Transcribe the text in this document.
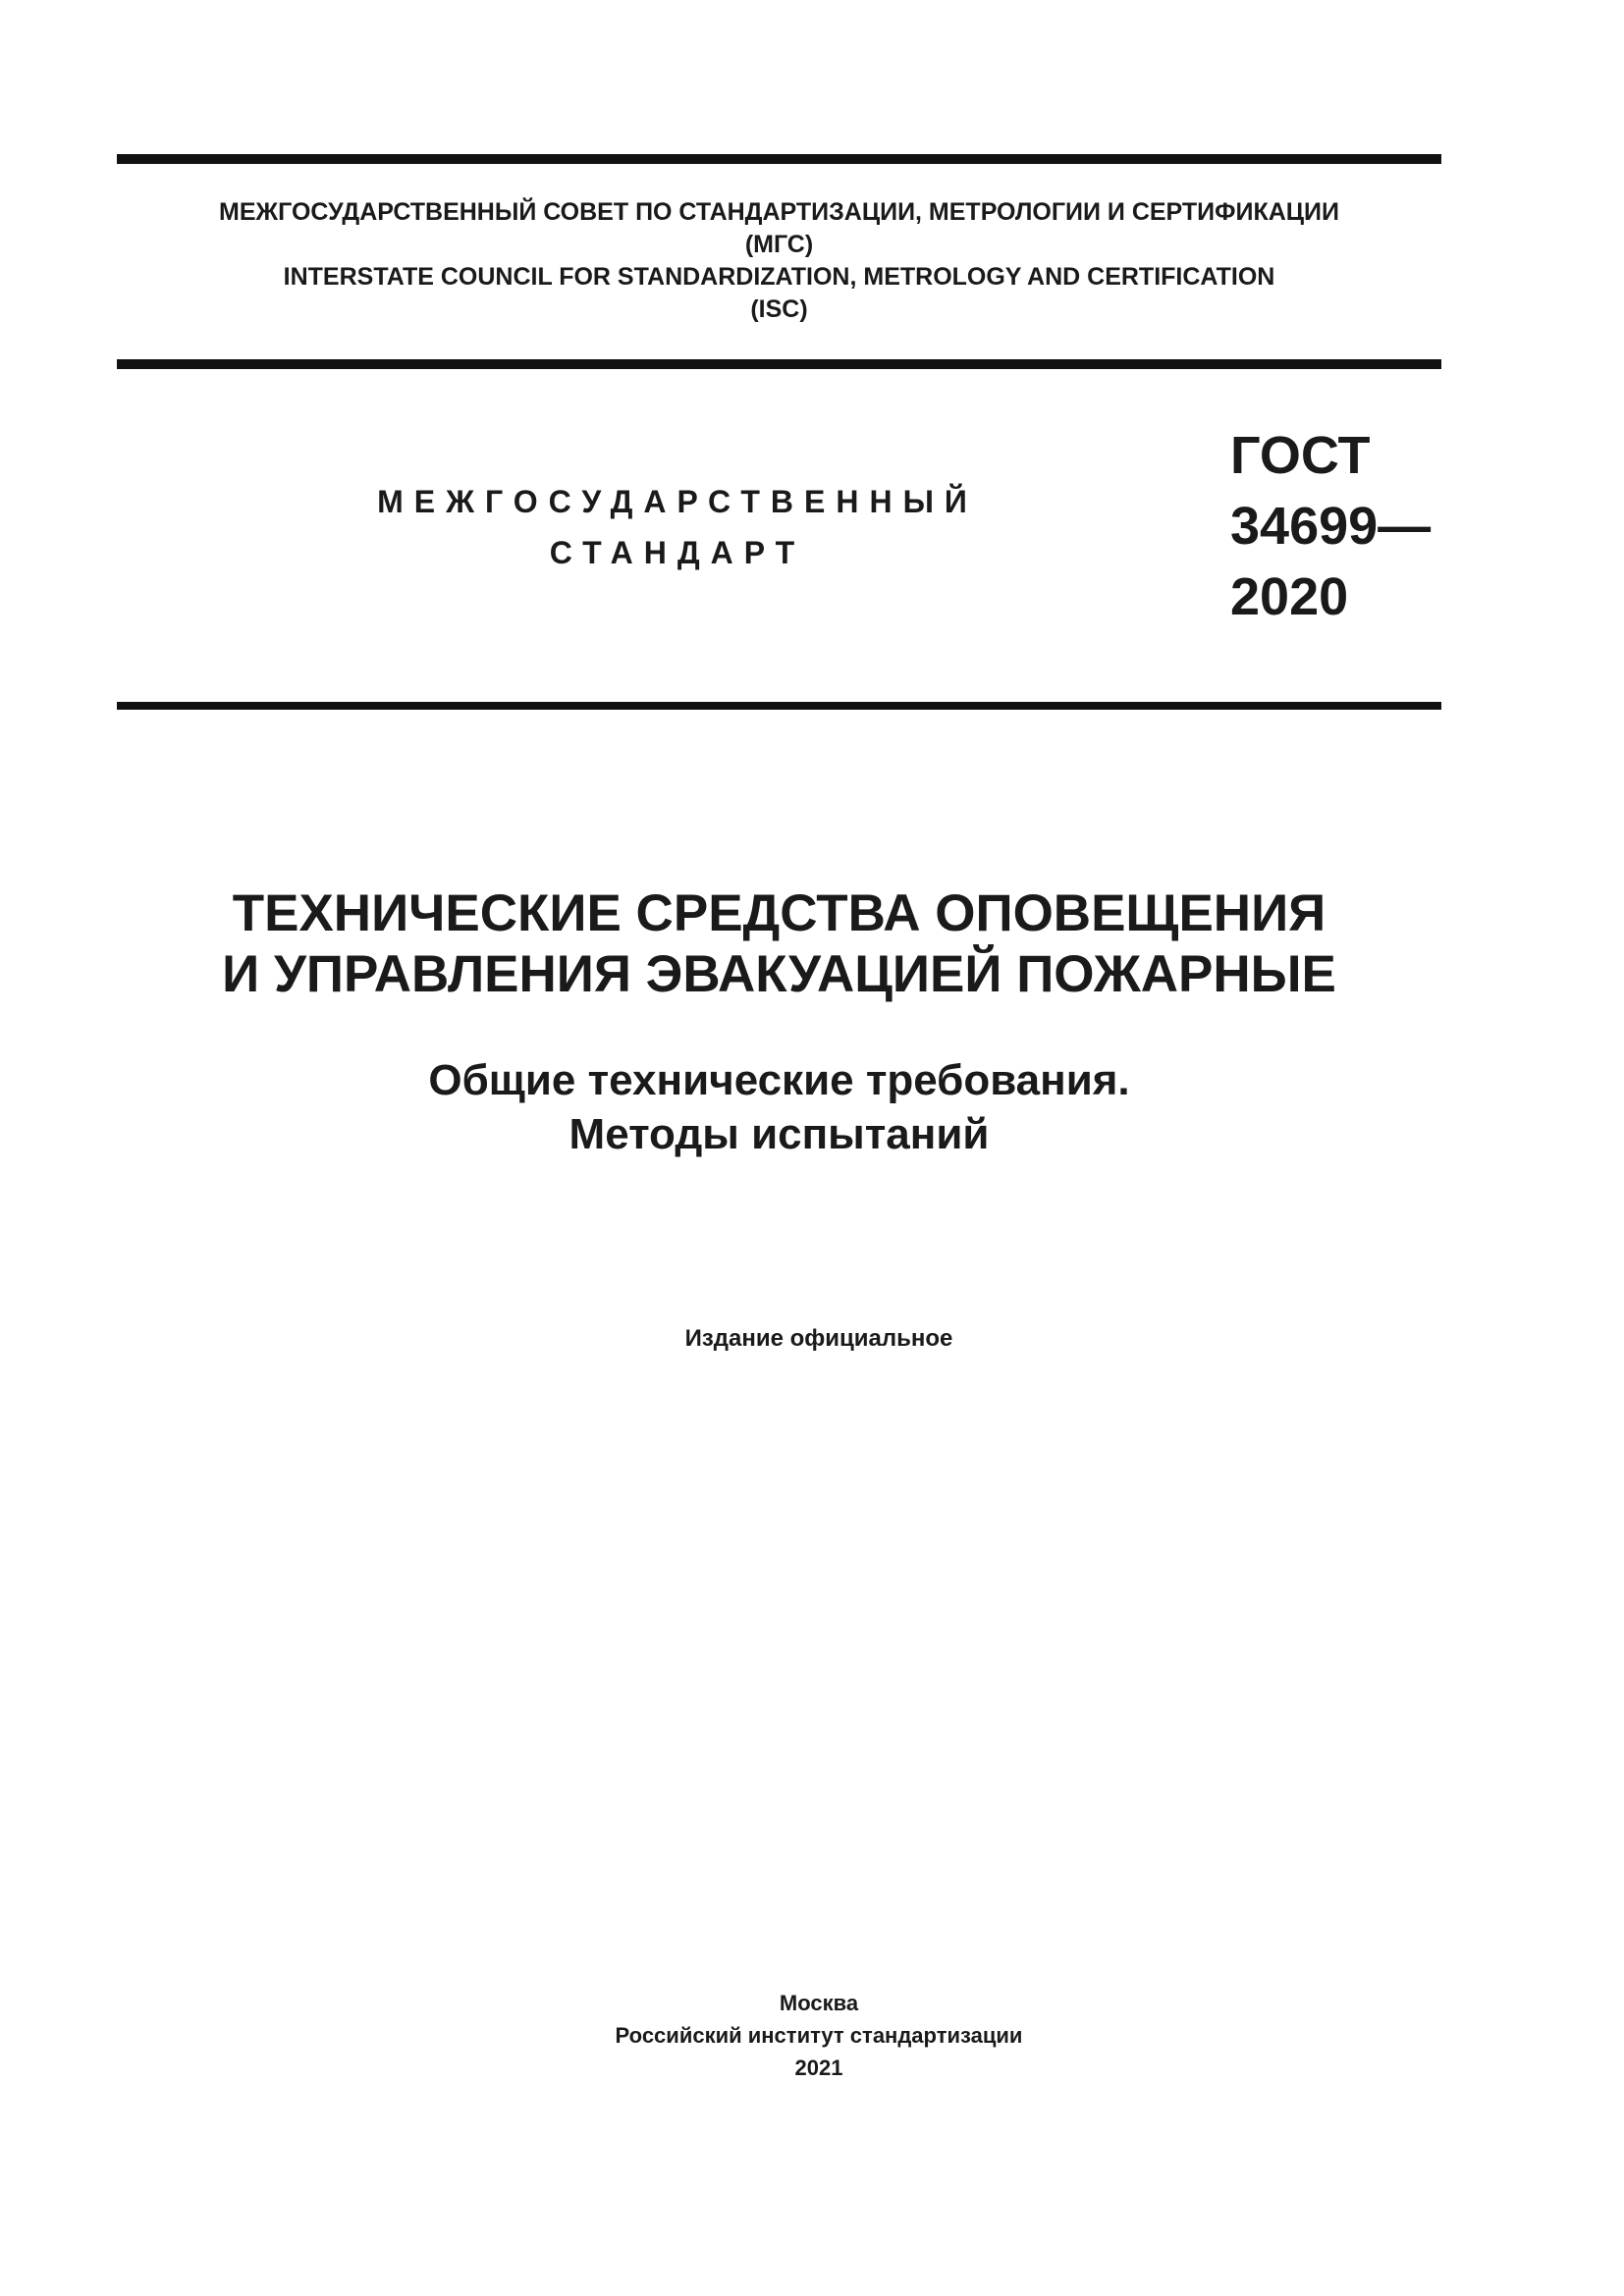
МЕЖГОСУДАРСТВЕННЫЙ СОВЕТ ПО СТАНДАРТИЗАЦИИ, МЕТРОЛОГИИ И СЕРТИФИКАЦИИ
(МГС)
INTERSTATE COUNCIL FOR STANDARDIZATION, METROLOGY AND CERTIFICATION
(ISC)
МЕЖГОСУДАРСТВЕННЫЙ
СТАНДАРТ
ГОСТ
34699—
2020
ТЕХНИЧЕСКИЕ СРЕДСТВА ОПОВЕЩЕНИЯ
И УПРАВЛЕНИЯ ЭВАКУАЦИЕЙ ПОЖАРНЫЕ
Общие технические требования.
Методы испытаний
Издание официальное
Москва
Российский институт стандартизации
2021
